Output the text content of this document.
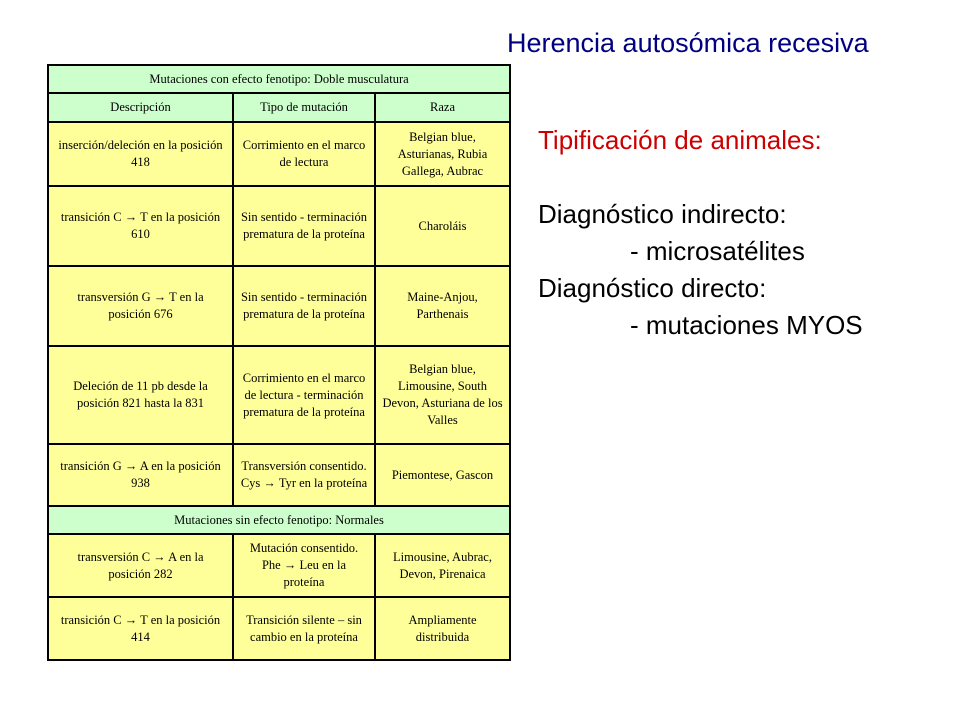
Herencia autosómica recesiva
Tipificación de animales:
Diagnóstico indirecto:
- microsatélites
Diagnóstico directo:
- mutaciones MYOS
Mutaciones con efecto fenotipo: Doble musculatura		
Descripción	Tipo de mutación	Raza
inserción/deleción en la posición 418	Corrimiento en el marco de lectura	Belgian blue, Asturianas, Rubia Gallega, Aubrac
transición C → T en la posición 610	Sin sentido - terminación prematura de la proteína	Charoláis
transversión G → T en la posición 676	Sin sentido - terminación prematura de la proteína	Maine-Anjou, Parthenais
Deleción de 11 pb desde la posición 821 hasta la 831	Corrimiento en el marco de lectura - terminación prematura de la proteína	Belgian blue, Limousine, South Devon, Asturiana de los Valles
transición G → A en la posición 938	Transversión consentido. Cys → Tyr en la proteína	Piemontese, Gascon
Mutaciones sin efecto fenotipo: Normales		
transversión C → A en la posición 282	Mutación consentido. Phe → Leu en la proteína	Limousine, Aubrac, Devon, Pirenaica
transición C → T en la posición 414	Transición silente – sin cambio en la proteína	Ampliamente distribuida
